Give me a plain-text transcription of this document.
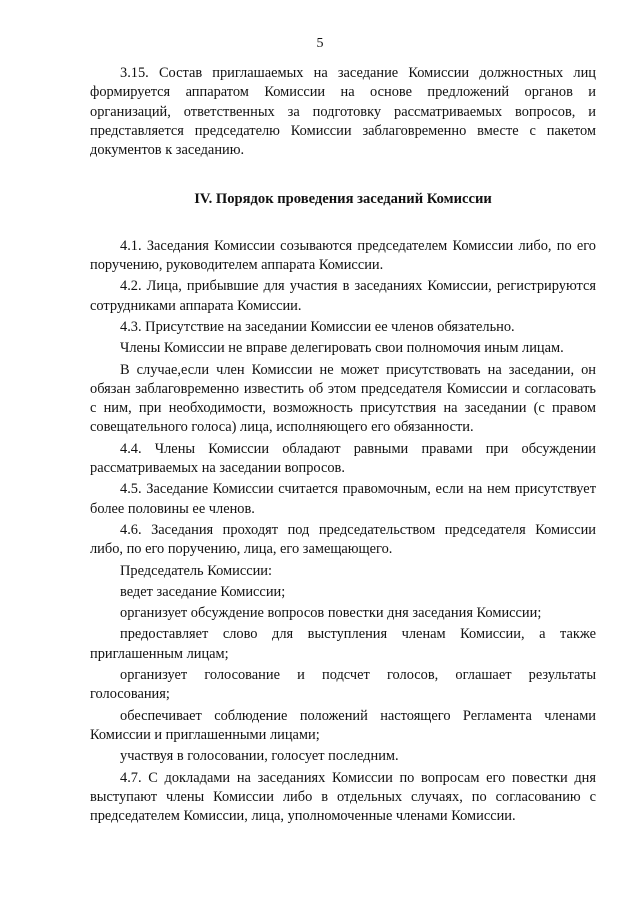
5

3.15. Состав приглашаемых на заседание Комиссии должностных лиц формируется аппаратом Комиссии на основе предложений органов и организаций, ответственных за подготовку рассматриваемых вопросов, и представляется председателю Комиссии заблаговременно вместе с пакетом документов к заседанию.

IV. Порядок проведения заседаний Комиссии

4.1. Заседания Комиссии созываются председателем Комиссии либо, по его поручению, руководителем аппарата Комиссии.

4.2. Лица, прибывшие для участия в заседаниях Комиссии, регистрируются сотрудниками аппарата Комиссии.

4.3. Присутствие на заседании Комиссии ее членов обязательно.

Члены Комиссии не вправе делегировать свои полномочия иным лицам.

В случае,если член Комиссии не может присутствовать на заседании, он обязан заблаговременно известить об этом председателя Комиссии и согласовать с ним, при необходимости, возможность присутствия на заседании (с правом совещательного голоса) лица, исполняющего его обязанности.

4.4. Члены Комиссии обладают равными правами при обсуждении рассматриваемых на заседании вопросов.

4.5. Заседание Комиссии считается правомочным, если на нем присутствует более половины ее членов.

4.6. Заседания проходят под председательством председателя Комиссии либо, по его поручению, лица, его замещающего.

Председатель Комиссии:

ведет заседание Комиссии;

организует обсуждение вопросов повестки дня заседания Комиссии;

предоставляет слово для выступления членам Комиссии, а также приглашенным лицам;

организует голосование и подсчет голосов, оглашает результаты голосования;

обеспечивает соблюдение положений настоящего Регламента членами Комиссии и приглашенными лицами;

участвуя в голосовании, голосует последним.

4.7. С докладами на заседаниях Комиссии по вопросам его повестки дня выступают члены Комиссии либо в отдельных случаях, по согласованию с председателем Комиссии, лица, уполномоченные членами Комиссии.
